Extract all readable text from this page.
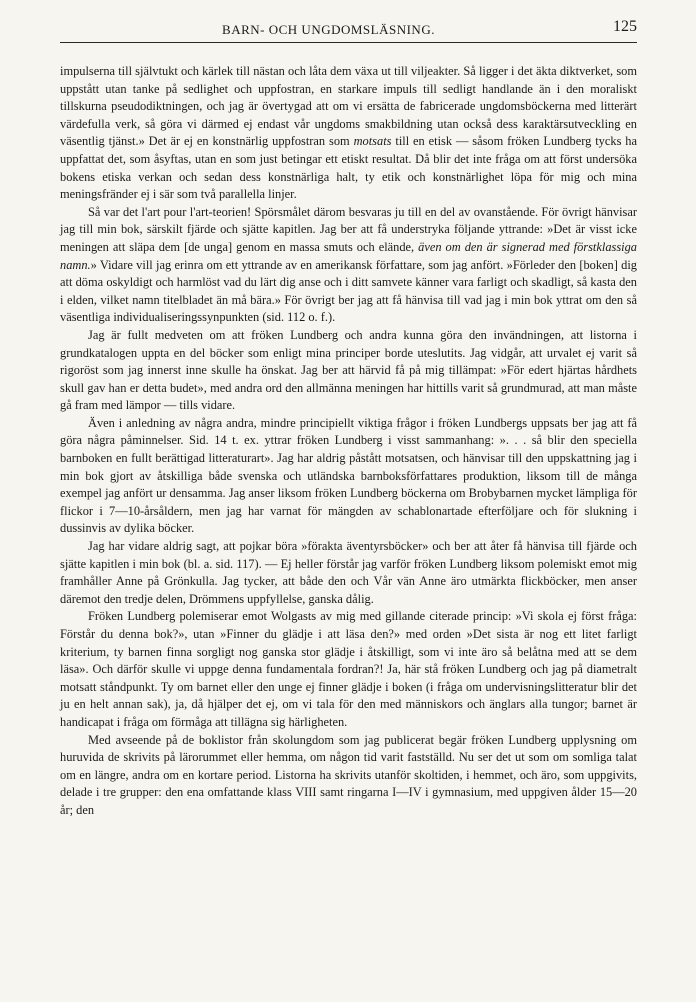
BARN- OCH UNGDOMSLÄSNING.	125

impulserna till självtukt och kärlek till nästan och låta dem växa ut till viljeakter. Så ligger i det äkta diktverket, som uppstått utan tanke på sedlighet och uppfostran, en starkare impuls till sedligt handlande än i den moraliskt tillskurna pseudodiktningen, och jag är övertygad att om vi ersätta de fabricerade ungdomsböckerna med litterärt värdefulla verk, så göra vi därmed ej endast vår ungdoms smakbildning utan också dess karaktärsutveckling en väsentlig tjänst.» Det är ej en konstnärlig uppfostran som motsats till en etisk — såsom fröken Lundberg tycks ha uppfattat det, som åsyftas, utan en som just betingar ett etiskt resultat. Då blir det inte fråga om att först undersöka bokens etiska verkan och sedan dess konstnärliga halt, ty etik och konstnärlighet löpa för mig och mina meningsfränder ej i sär som två parallella linjer.

Så var det l'art pour l'art-teorien! Spörsmålet därom besvaras ju till en del av ovanstående. För övrigt hänvisar jag till min bok, särskilt fjärde och sjätte kapitlen. Jag ber att få understryka följande yttrande: »Det är visst icke meningen att släpa dem [de unga] genom en massa smuts och elände, även om den är signerad med förstklassiga namn.» Vidare vill jag erinra om ett yttrande av en amerikansk författare, som jag anfört. »Förleder den [boken] dig att döma oskyldigt och harmlöst vad du lärt dig anse och i ditt samvete känner vara farligt och skadligt, så kasta den i elden, vilket namn titelbladet än må bära.» För övrigt ber jag att få hänvisa till vad jag i min bok yttrat om den så väsentliga individualiseringssynpunkten (sid. 112 o. f.).

Jag är fullt medveten om att fröken Lundberg och andra kunna göra den invändningen, att listorna i grundkatalogen uppta en del böcker som enligt mina principer borde uteslutits. Jag vidgår, att urvalet ej varit så rigoröst som jag innerst inne skulle ha önskat. Jag ber att härvid få på mig tillämpat: »För edert hjärtas hårdhets skull gav han er detta budet», med andra ord den allmänna meningen har hittills varit så grundmurad, att man måste gå fram med lämpor — tills vidare.

Även i anledning av några andra, mindre principiellt viktiga frågor i fröken Lundbergs uppsats ber jag att få göra några påminnelser. Sid. 14 t. ex. yttrar fröken Lundberg i visst sammanhang: ». . . så blir den speciella barnboken en fullt berättigad litteraturart». Jag har aldrig påstått motsatsen, och hänvisar till den uppskattning jag i min bok gjort av åtskilliga både svenska och utländska barnboksförfattares produktion, liksom till de många exempel jag anfört ur densamma. Jag anser liksom fröken Lundberg böckerna om Brobybarnen mycket lämpliga för flickor i 7—10-årsåldern, men jag har varnat för mängden av schablonartade efterföljare och för slukning i dussinvis av dylika böcker.

Jag har vidare aldrig sagt, att pojkar böra »förakta äventyrsböcker» och ber att åter få hänvisa till fjärde och sjätte kapitlen i min bok (bl. a. sid. 117). — Ej heller förstår jag varför fröken Lundberg liksom polemiskt emot mig framhåller Anne på Grönkulla. Jag tycker, att både den och Vår vän Anne äro utmärkta flickböcker, men anser däremot den tredje delen, Drömmens uppfyllelse, ganska dålig.

Fröken Lundberg polemiserar emot Wolgasts av mig med gillande citerade princip: »Vi skola ej först fråga: Förstår du denna bok?», utan »Finner du glädje i att läsa den?» med orden »Det sista är nog ett litet farligt kriterium, ty barnen finna sorgligt nog ganska stor glädje i åtskilligt, som vi inte äro så belåtna med att se dem läsa». Och därför skulle vi uppge denna fundamentala fordran?! Ja, här stå fröken Lundberg och jag på diametralt motsatt ståndpunkt. Ty om barnet eller den unge ej finner glädje i boken (i fråga om undervisningslitteratur blir det ju en helt annan sak), ja, då hjälper det ej, om vi tala för den med människors och änglars alla tungor; barnet är handicapat i fråga om förmåga att tillägna sig härligheten.

Med avseende på de boklistor från skolungdom som jag publicerat begär fröken Lundberg upplysning om huruvida de skrivits på lärorummet eller hemma, om någon tid varit fastställd. Nu ser det ut som om somliga talat om en längre, andra om en kortare period. Listorna ha skrivits utanför skoltiden, i hemmet, och äro, som uppgivits, delade i tre grupper: den ena omfattande klass VIII samt ringarna I—IV i gymnasium, med uppgiven ålder 15—20 år; den
